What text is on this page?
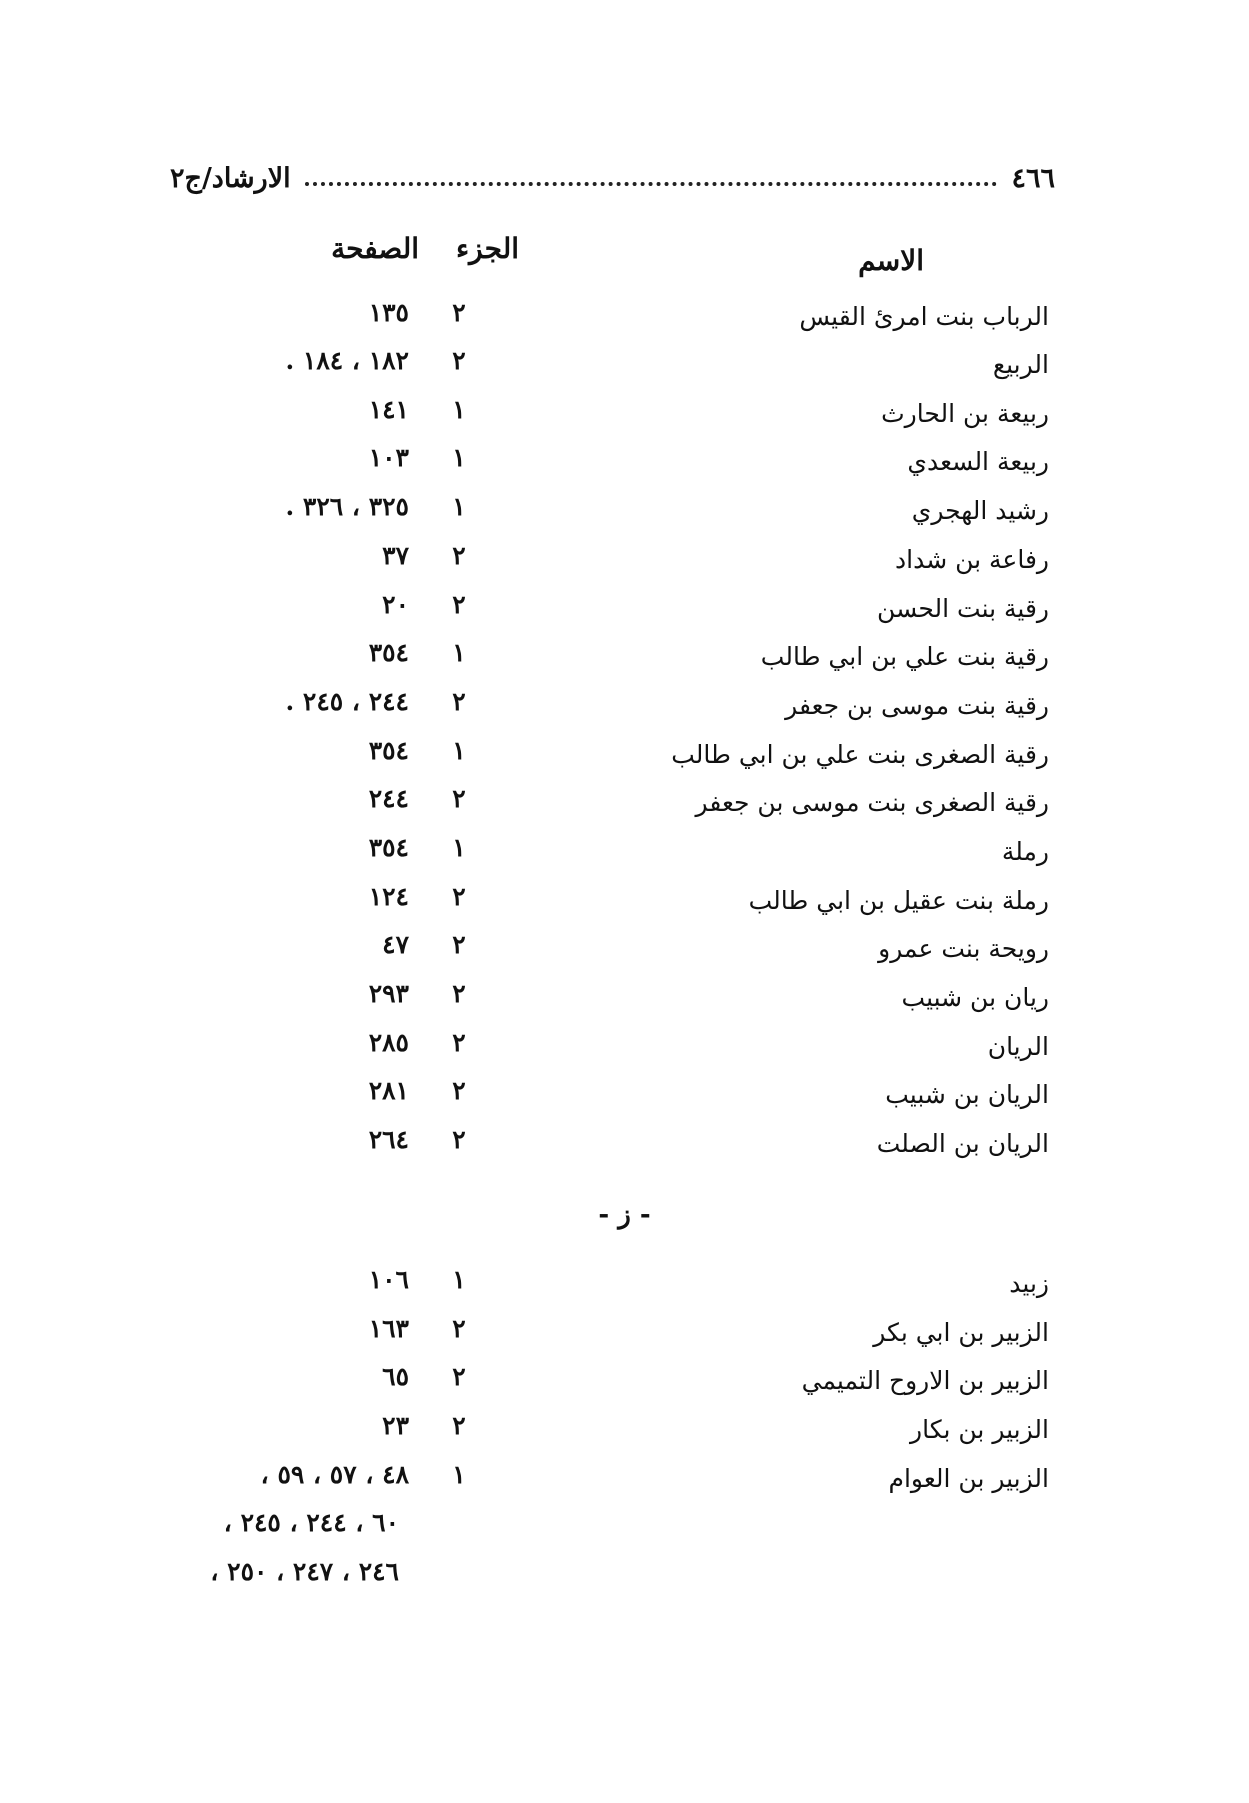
٤٦٦
الارشاد/ج٢
الاسم
الجزء
الصفحة
الرباب بنت امرئ القيس
٢
١٣٥
الربيع
٢
١٨٢ ، ١٨٤ .
ربيعة بن الحارث
١
١٤١
ربيعة السعدي
١
١٠٣
رشيد الهجري
١
٣٢٥ ، ٣٢٦ .
رفاعة بن شداد
٢
٣٧
رقية بنت الحسن
٢
٢٠
رقية بنت علي بن ابي طالب
١
٣٥٤
رقية بنت موسى بن جعفر
٢
٢٤٤ ، ٢٤٥ .
رقية الصغرى بنت علي بن ابي طالب
١
٣٥٤
رقية الصغرى بنت موسى بن جعفر
٢
٢٤٤
رملة
١
٣٥٤
رملة بنت عقيل بن ابي طالب
٢
١٢٤
رويحة بنت عمرو
٢
٤٧
ريان بن شبيب
٢
٢٩٣
الريان
٢
٢٨٥
الريان بن شبيب
٢
٢٨١
الريان بن الصلت
٢
٢٦٤
- ز -
زبيد
١
١٠٦
الزبير بن ابي بكر
٢
١٦٣
الزبير بن الاروح التميمي
٢
٦٥
الزبير بن بكار
٢
٢٣
الزبير بن العوام
١
٤٨ ، ٥٧ ، ٥٩ ،
٦٠ ، ٢٤٤ ، ٢٤٥ ،
٢٤٦ ، ٢٤٧ ، ٢٥٠ ،
